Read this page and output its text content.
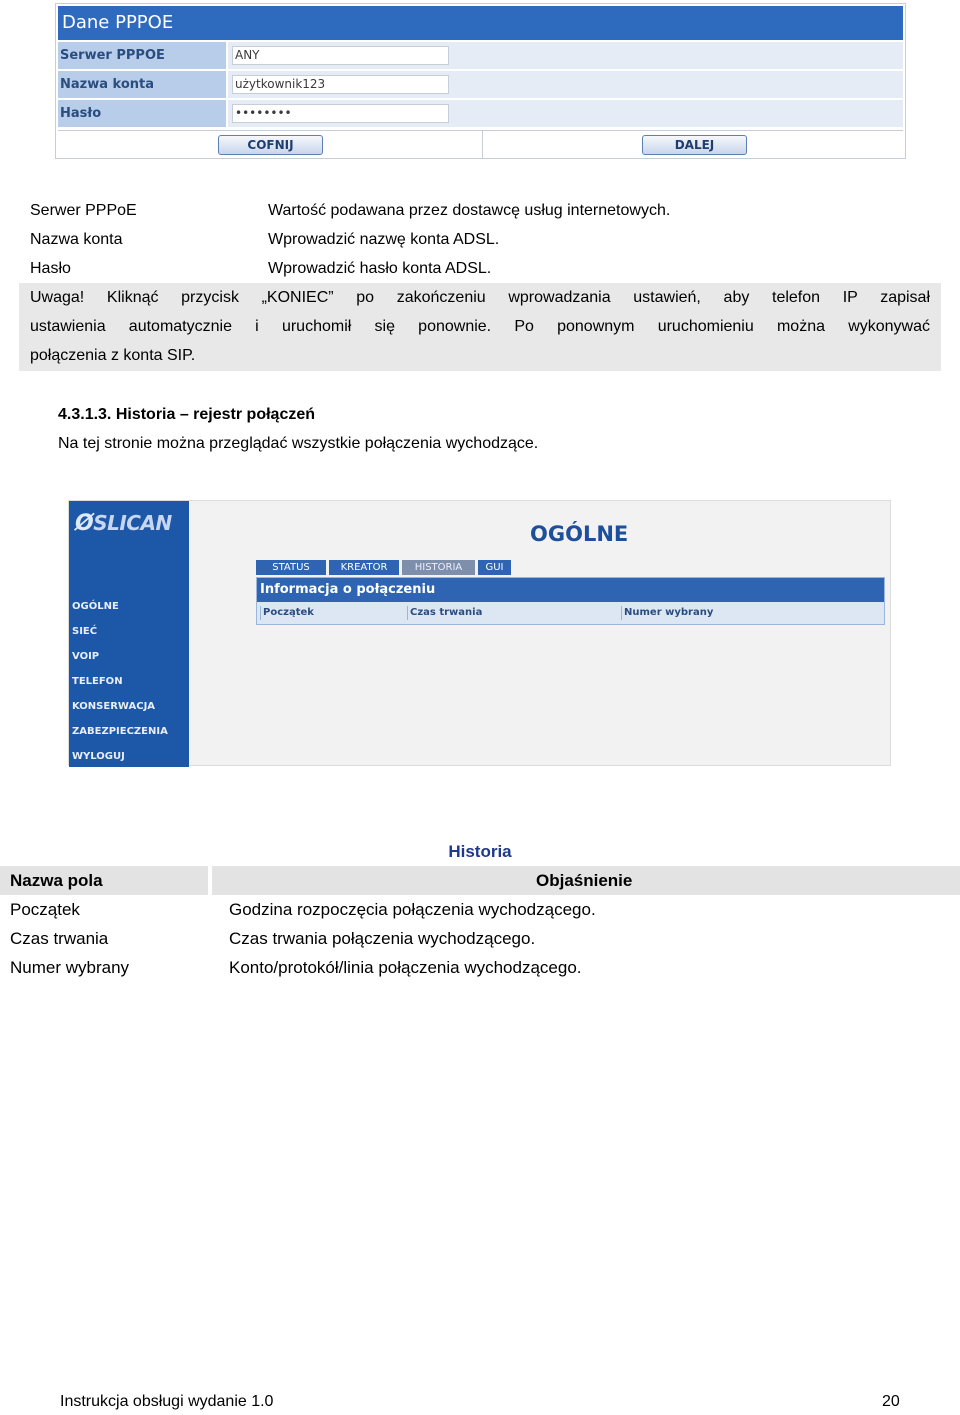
Dane PPPOE
Serwer PPPOE	ANY
Nazwa konta	użytkownik123
Hasło	••••••••
COFNIJ	DALEJ
Serwer PPPoE	Wartość podawana przez dostawcę usług internetowych.
Nazwa konta	Wprowadzić nazwę konta ADSL.
Hasło	Wprowadzić hasło konta ADSL.
Uwaga! Kliknąć przycisk „KONIEC” po zakończeniu wprowadzania ustawień, aby telefon IP zapisał
ustawienia automatycznie i uruchomił się ponownie. Po ponownym uruchomieniu można wykonywać
połączenia z konta SIP.
4.3.1.3. Historia – rejestr połączeń
Na tej stronie można przeglądać wszystkie połączenia wychodzące.
ØSLICAN
OGÓLNE
SIEĆ
VOIP
TELEFON
KONSERWACJA
ZABEZPIECZENIA
WYLOGUJ
OGÓLNE
STATUS	KREATOR	HISTORIA	GUI
Informacja o połączeniu
Początek	Czas trwania	Numer wybrany
Historia
Nazwa pola	Objaśnienie
Początek	Godzina rozpoczęcia połączenia wychodzącego.
Czas trwania	Czas trwania połączenia wychodzącego.
Numer wybrany	Konto/protokół/linia połączenia wychodzącego.
Instrukcja obsługi wydanie 1.0	20
